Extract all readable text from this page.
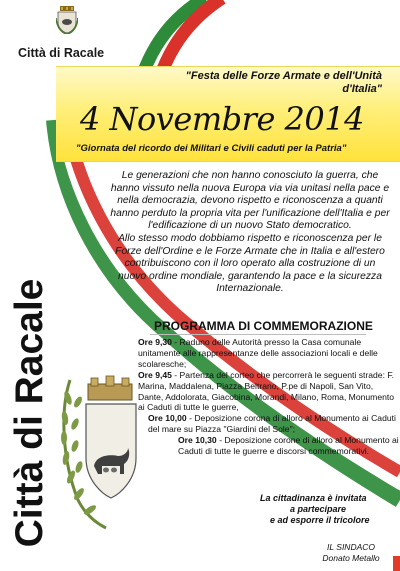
Città di Racale
"Festa delle Forze Armate e dell'Unità d'Italia"
4 Novembre 2014
"Giornata del ricordo dei Militari e Civili caduti per la Patria"

Le generazioni che non hanno conosciuto la guerra, che hanno vissuto nella nuova Europa via via unitasi nella pace e nella democrazia, devono rispetto e riconoscenza a quanti hanno perduto la propria vita per l'unificazione dell'Italia e per l'edificazione di un nuovo Stato democratico.

Allo stesso modo dobbiamo rispetto e riconoscenza per le Forze dell'Ordine e le Forze Armate che in Italia e all'estero contribuiscono con il loro operato alla costruzione di un nuovo ordine mondiale, garantendo la pace e la sicurezza Internazionale.

PROGRAMMA DI COMMEMORAZIONE

Ore 9,30 - Raduno delle Autorità presso la Casa comunale unitamente alle rappresentanze delle associazioni locali e delle scolaresche;

Ore 9,45 - Partenza del corteo che percorrerà le seguenti strade: F. Marina, Maddalena, Piazza Beltrano, P.pe di Napoli, San Vito, Dante, Addolorata, Giacobina, Morandi, Milano, Roma, Monumento ai Caduti di tutte le guerre,

Ore 10,00 - Deposizione corona di alloro al Monumento ai Caduti del mare su Piazza "Giardini del Sole";

Ore 10,30 - Deposizione corone di alloro al Monumento ai Caduti di tutte le guerre e discorsi commemorativi.

La cittadinanza è invitata
a partecipare
e ad esporre il tricolore
IL SINDACO
Donato Metallo
Città di Racale
